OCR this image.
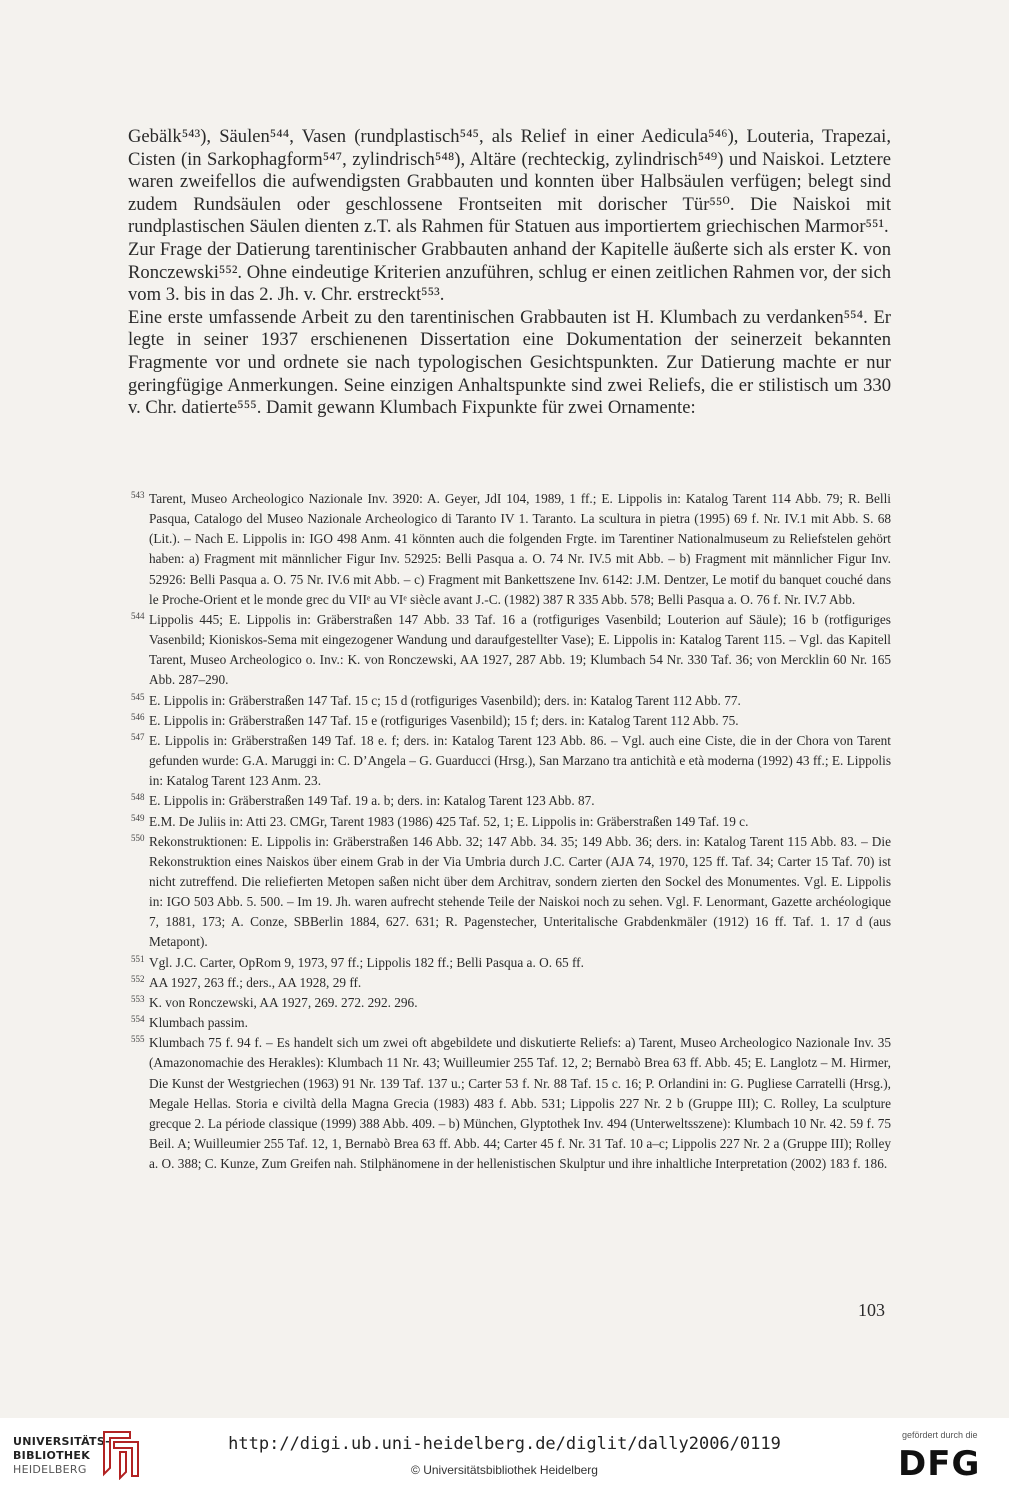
Gebälk⁵⁴³), Säulen⁵⁴⁴, Vasen (rundplastisch⁵⁴⁵, als Relief in einer Aedicula⁵⁴⁶), Louteria, Trapezai, Cisten (in Sarkophagform⁵⁴⁷, zylindrisch⁵⁴⁸), Altäre (rechteckig, zylindrisch⁵⁴⁹) und Naiskoi. Letztere waren zweifellos die aufwendigsten Grabbauten und konnten über Halbsäulen verfügen; belegt sind zudem Rundsäulen oder geschlossene Frontseiten mit dorischer Tür⁵⁵⁰. Die Naiskoi mit rundplastischen Säulen dienten z.T. als Rahmen für Statuen aus importiertem griechischen Marmor⁵⁵¹.

Zur Frage der Datierung tarentinischer Grabbauten anhand der Kapitelle äußerte sich als erster K. von Ronczewski⁵⁵². Ohne eindeutige Kriterien anzuführen, schlug er einen zeitlichen Rahmen vor, der sich vom 3. bis in das 2. Jh. v. Chr. erstreckt⁵⁵³.

Eine erste umfassende Arbeit zu den tarentinischen Grabbauten ist H. Klumbach zu verdanken⁵⁵⁴. Er legte in seiner 1937 erschienenen Dissertation eine Dokumentation der seinerzeit bekannten Fragmente vor und ordnete sie nach typologischen Gesichtspunkten. Zur Datierung machte er nur geringfügige Anmerkungen. Seine einzigen Anhaltspunkte sind zwei Reliefs, die er stilistisch um 330 v. Chr. datierte⁵⁵⁵. Damit gewann Klumbach Fixpunkte für zwei Ornamente:

543 Tarent, Museo Archeologico Nazionale Inv. 3920: A. Geyer, JdI 104, 1989, 1 ff.; E. Lippolis in: Katalog Tarent 114 Abb. 79; R. Belli Pasqua, Catalogo del Museo Nazionale Archeologico di Taranto IV 1. Taranto. La scultura in pietra (1995) 69 f. Nr. IV.1 mit Abb. S. 68 (Lit.). – Nach E. Lippolis in: IGO 498 Anm. 41 könnten auch die folgenden Frgte. im Tarentiner Nationalmuseum zu Reliefstelen gehört haben: a) Fragment mit männlicher Figur Inv. 52925: Belli Pasqua a. O. 74 Nr. IV.5 mit Abb. – b) Fragment mit männlicher Figur Inv. 52926: Belli Pasqua a. O. 75 Nr. IV.6 mit Abb. – c) Fragment mit Bankettszene Inv. 6142: J.M. Dentzer, Le motif du banquet couché dans le Proche-Orient et le monde grec du VIIᵉ au VIᵉ siècle avant J.-C. (1982) 387 R 335 Abb. 578; Belli Pasqua a. O. 76 f. Nr. IV.7 Abb.
544 Lippolis 445; E. Lippolis in: Gräberstraßen 147 Abb. 33 Taf. 16 a (rotfiguriges Vasenbild; Louterion auf Säule); 16 b (rotfiguriges Vasenbild; Kioniskos-Sema mit eingezogener Wandung und daraufgestellter Vase); E. Lippolis in: Katalog Tarent 115. – Vgl. das Kapitell Tarent, Museo Archeologico o. Inv.: K. von Ronczewski, AA 1927, 287 Abb. 19; Klumbach 54 Nr. 330 Taf. 36; von Mercklin 60 Nr. 165 Abb. 287–290.
545 E. Lippolis in: Gräberstraßen 147 Taf. 15 c; 15 d (rotfiguriges Vasenbild); ders. in: Katalog Tarent 112 Abb. 77.
546 E. Lippolis in: Gräberstraßen 147 Taf. 15 e (rotfiguriges Vasenbild); 15 f; ders. in: Katalog Tarent 112 Abb. 75.
547 E. Lippolis in: Gräberstraßen 149 Taf. 18 e. f; ders. in: Katalog Tarent 123 Abb. 86. – Vgl. auch eine Ciste, die in der Chora von Tarent gefunden wurde: G.A. Maruggi in: C. D’Angela – G. Guarducci (Hrsg.), San Marzano tra antichità e età moderna (1992) 43 ff.; E. Lippolis in: Katalog Tarent 123 Anm. 23.
548 E. Lippolis in: Gräberstraßen 149 Taf. 19 a. b; ders. in: Katalog Tarent 123 Abb. 87.
549 E.M. De Juliis in: Atti 23. CMGr, Tarent 1983 (1986) 425 Taf. 52, 1; E. Lippolis in: Gräberstraßen 149 Taf. 19 c.
550 Rekonstruktionen: E. Lippolis in: Gräberstraßen 146 Abb. 32; 147 Abb. 34. 35; 149 Abb. 36; ders. in: Katalog Tarent 115 Abb. 83. – Die Rekonstruktion eines Naiskos über einem Grab in der Via Umbria durch J.C. Carter (AJA 74, 1970, 125 ff. Taf. 34; Carter 15 Taf. 70) ist nicht zutreffend. Die reliefierten Metopen saßen nicht über dem Architrav, sondern zierten den Sockel des Monumentes. Vgl. E. Lippolis in: IGO 503 Abb. 5. 500. – Im 19. Jh. waren aufrecht stehende Teile der Naiskoi noch zu sehen. Vgl. F. Lenormant, Gazette archéologique 7, 1881, 173; A. Conze, SBBerlin 1884, 627. 631; R. Pagenstecher, Unteritalische Grabdenkmäler (1912) 16 ff. Taf. 1. 17 d (aus Metapont).
551 Vgl. J.C. Carter, OpRom 9, 1973, 97 ff.; Lippolis 182 ff.; Belli Pasqua a. O. 65 ff.
552 AA 1927, 263 ff.; ders., AA 1928, 29 ff.
553 K. von Ronczewski, AA 1927, 269. 272. 292. 296.
554 Klumbach passim.
555 Klumbach 75 f. 94 f. – Es handelt sich um zwei oft abgebildete und diskutierte Reliefs: a) Tarent, Museo Archeologico Nazionale Inv. 35 (Amazonomachie des Herakles): Klumbach 11 Nr. 43; Wuilleumier 255 Taf. 12, 2; Bernabò Brea 63 ff. Abb. 45; E. Langlotz – M. Hirmer, Die Kunst der Westgriechen (1963) 91 Nr. 139 Taf. 137 u.; Carter 53 f. Nr. 88 Taf. 15 c. 16; P. Orlandini in: G. Pugliese Carratelli (Hrsg.), Megale Hellas. Storia e civiltà della Magna Grecia (1983) 483 f. Abb. 531; Lippolis 227 Nr. 2 b (Gruppe III); C. Rolley, La sculpture grecque 2. La période classique (1999) 388 Abb. 409. – b) München, Glyptothek Inv. 494 (Unterweltsszene): Klumbach 10 Nr. 42. 59 f. 75 Beil. A; Wuilleumier 255 Taf. 12, 1, Bernabò Brea 63 ff. Abb. 44; Carter 45 f. Nr. 31 Taf. 10 a–c; Lippolis 227 Nr. 2 a (Gruppe III); Rolley a. O. 388; C. Kunze, Zum Greifen nah. Stilphänomene in der hellenistischen Skulptur und ihre inhaltliche Interpretation (2002) 183 f. 186.
103
UNIVERSITÄTS-
BIBLIOTHEK
HEIDELBERG
http://digi.ub.uni-heidelberg.de/diglit/dally2006/0119
© Universitätsbibliothek Heidelberg
gefördert durch die
DFG
